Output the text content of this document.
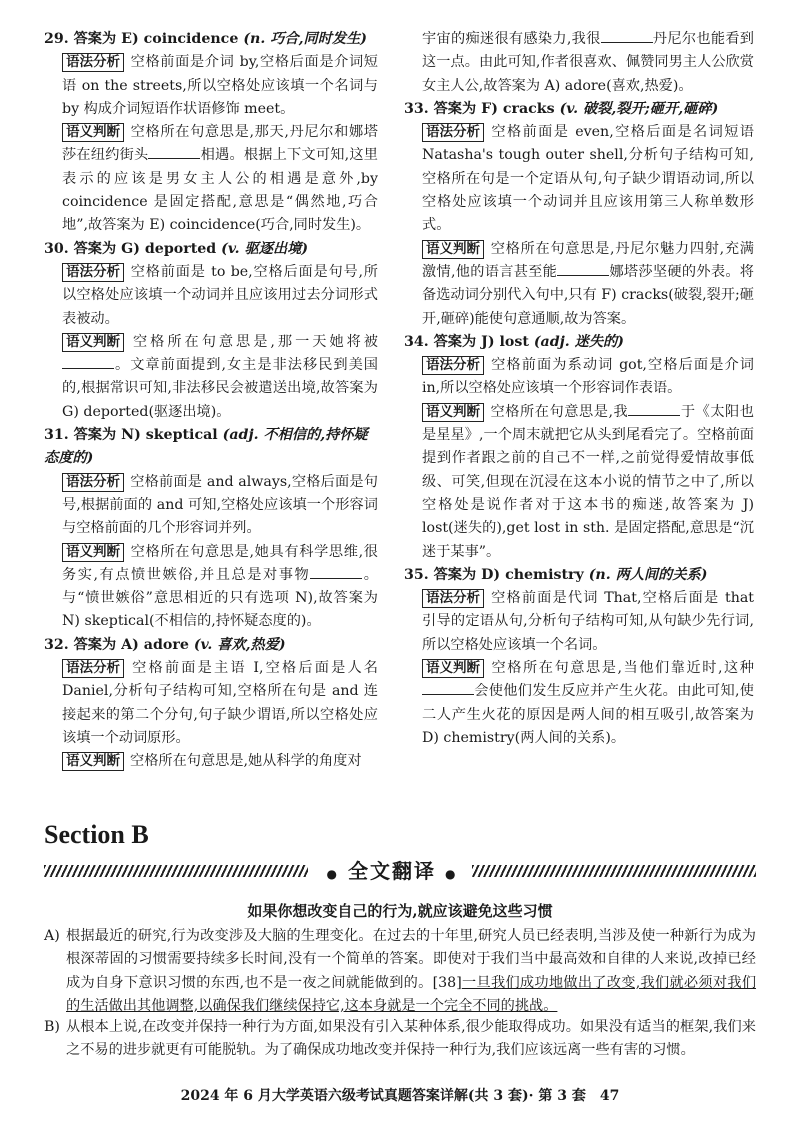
29. 答案为 E) coincidence (n. 巧合,同时发生)
语法分析 空格前面是介词 by,空格后面是介词短语 on the streets,所以空格处应该填一个名词与 by 构成介词短语作状语修饰 meet。
语义判断 空格所在句意思是,那天,丹尼尔和娜塔莎在纽约街头	相遇。根据上下文可知,这里表示的应该是男女主人公的相遇是意外,by coincidence 是固定搭配,意思是“偶然地,巧合地”,故答案为 E) coincidence(巧合,同时发生)。
30. 答案为 G) deported (v. 驱逐出境)
语法分析 空格前面是 to be,空格后面是句号,所以空格处应该填一个动词并且应该用过去分词形式表被动。
语义判断 空格所在句意思是,那一天她将被。文章前面提到,女主是非法移民到美国的,根据常识可知,非法移民会被遣送出境,故答案为 G) deported(驱逐出境)。
31. 答案为 N) skeptical (adj. 不相信的,持怀疑态度的)
语法分析 空格前面是 and always,空格后面是句号,根据前面的 and 可知,空格处应该填一个形容词与空格前面的几个形容词并列。
语义判断 空格所在句意思是,她具有科学思维,很务实,有点愤世嫉俗,并且总是对事物	。与“愤世嫉俗”意思相近的只有选项 N),故答案为 N) skeptical(不相信的,持怀疑态度的)。
32. 答案为 A) adore (v. 喜欢,热爱)
语法分析 空格前面是主语 I,空格后面是人名 Daniel,分析句子结构可知,空格所在句是 and 连接起来的第二个分句,句子缺少谓语,所以空格处应该填一个动词原形。
语义判断 空格所在句意思是,她从科学的角度对
宇宙的痴迷很有感染力,我很	丹尼尔也能看到这一点。由此可知,作者很喜欢、佩赞同男主人公欣赏女主人公,故答案为 A) adore(喜欢,热爱)。
33. 答案为 F) cracks (v. 破裂,裂开;砸开,砸碎)
语法分析 空格前面是 even,空格后面是名词短语 Natasha's tough outer shell,分析句子结构可知,空格所在句是一个定语从句,句子缺少谓语动词,所以空格处应该填一个动词并且应该用第三人称单数形式。
语义判断 空格所在句意思是,丹尼尔魅力四射,充满激情,他的语言甚至能	娜塔莎坚硬的外表。将备选动词分别代入句中,只有 F) cracks(破裂,裂开;砸开,砸碎)能使句意通顺,故为答案。
34. 答案为 J) lost (adj. 迷失的)
语法分析 空格前面为系动词 got,空格后面是介词 in,所以空格处应该填一个形容词作表语。
语义判断 空格所在句意思是,我	于《太阳也是星星》,一个周末就把它从头到尾看完了。空格前面提到作者跟之前的自己不一样,之前觉得爱情故事低级、可笑,但现在沉浸在这本小说的情节之中了,所以空格处是说作者对于这本书的痴迷,故答案为 J) lost(迷失的),get lost in sth. 是固定搭配,意思是“沉迷于某事”。
35. 答案为 D) chemistry (n. 两人间的关系)
语法分析 空格前面是代词 That,空格后面是 that 引导的定语从句,分析句子结构可知,从句缺少先行词,所以空格处应该填一个名词。
语义判断 空格所在句意思是,当他们靠近时,这种会使他们发生反应并产生火花。由此可知,使二人产生火花的原因是两人间的相互吸引,故答案为 D) chemistry(两人间的关系)。
Section B
● 全文翻译 ●
如果你想改变自己的行为,就应该避免这些习惯
A) 根据最近的研究,行为改变涉及大脑的生理变化。在过去的十年里,研究人员已经表明,当涉及使一种新行为成为根深蒂固的习惯需要持续多长时间,没有一个简单的答案。即使对于我们当中最高效和自律的人来说,改掉已经成为自身下意识习惯的东西,也不是一夜之间就能做到的。[38]一旦我们成功地做出了改变,我们就必须对我们的生活做出其他调整,以确保我们继续保持它,这本身就是一个完全不同的挑战。
B) 从根本上说,在改变并保持一种行为方面,如果没有引入某种体系,很少能取得成功。如果没有适当的框架,我们来之不易的进步就更有可能脱轨。为了确保成功地改变并保持一种行为,我们应该远离一些有害的习惯。
2024 年 6 月大学英语六级考试真题答案详解(共 3 套)· 第 3 套　47
